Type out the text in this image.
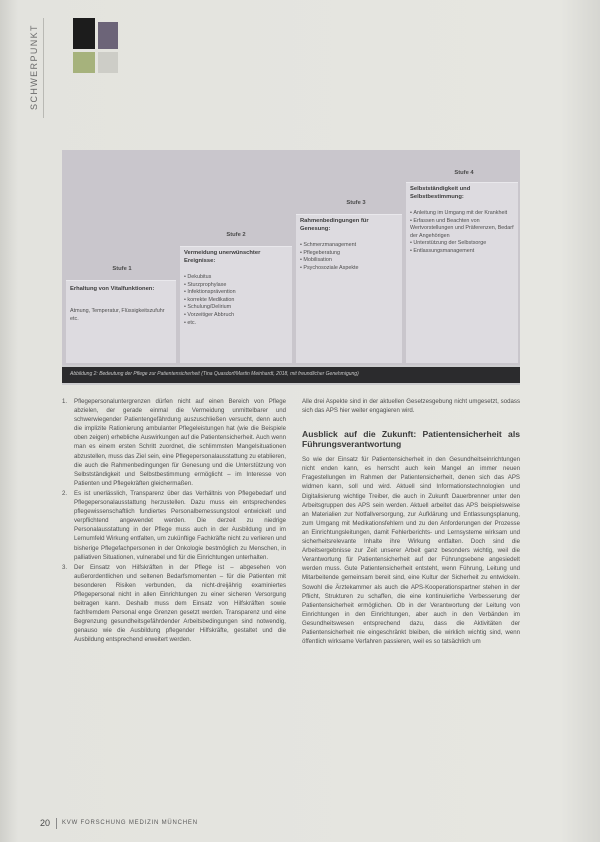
SCHWERPUNKT
Stufe 4
Selbstständigkeit und Selbstbestimmung:
• Anleitung im Umgang mit der Krankheit
• Erfassen und Beachten von Wertvorstellungen und Präferenzen, Bedarf der Angehörigen
• Unterstützung der Selbstsorge
• Entlassungsmanagement
Stufe 3
Rahmenbedingungen für Genesung:
• Schmerzmanagement
• Pflegeberatung
• Mobilisation
• Psychosoziale Aspekte
Stufe 2
Vermeidung unerwünschter Ereignisse:
• Dekubitus
• Sturzprophylaxe
• Infektionsprävention
• korrekte Medikation
• Schulung/Delirium
• Vorzeitiger Abbruch
• etc.
Stufe 1
Erhaltung von Vitalfunktionen:
Atmung, Temperatur, Flüssigkeitszufuhr etc.
Abbildung 2: Bedeutung der Pflege zur Patientensicherheit (Tina Quasdorf/Martin Meinhardt, 2018, mit freundlicher Genehmigung)
1. Pflegepersonaluntergrenzen dürfen nicht auf einen Bereich von Pflege abzielen, der gerade einmal die Vermeidung unmittelbarer und schwerwiegender Patientengefährdung auszuschließen versucht, denn auch die implizite Rationierung ambulanter Pflegeleistungen hat (wie die Beispiele oben zeigen) erhebliche Auswirkungen auf die Patientensicherheit. Auch wenn man es einem ersten Schritt zuordnet, die schlimmsten Mangelsituationen abzustellen, muss das Ziel sein, eine Pflegepersonalausstattung zu etablieren, die auch die Rahmenbedingungen für Genesung und die Unterstützung von Selbstständigkeit und Selbstbestimmung ermöglicht – im Interesse von Patienten und Pflegekräften gleichermaßen.

2. Es ist unerlässlich, Transparenz über das Verhältnis von Pflegebedarf und Pflegepersonalausstattung herzustellen. Dazu muss ein entsprechendes pflegewissenschaftlich fundiertes Personalbemessungstool entwickelt und verpflichtend angewendet werden. Die derzeit zu niedrige Personalausstattung in der Pflege muss auch in der Ausbildung und im Lernumfeld Wirkung entfalten, um zukünftige Fachkräfte nicht zu verlieren und bisherige Pflegefachpersonen in der Onkologie bestmöglich zu Menschen, in palliativen Situationen, vulnerabel und für die Einrichtungen unterhalten.

3. Der Einsatz von Hilfskräften in der Pflege ist – abgesehen von außerordentlichen und seltenen Bedarfsmomenten – für die Patienten mit besonderen Risiken verbunden, da nicht-dreijährig examiniertes Pflegepersonal nicht in allen Einrichtungen zu einer sicheren Versorgung beitragen kann. Deshalb muss dem Einsatz von Hilfskräften sowie fachfremdem Personal enge Grenzen gesetzt werden. Transparenz und eine Begrenzung gesundheitsgefährdender Arbeitsbedingungen sind notwendig, genauso wie die Ausbildung pflegender Hilfskräfte, gestaltet und die Ausbildung entsprechend erweitert werden.

Alle drei Aspekte sind in der aktuellen Gesetzesgebung nicht umgesetzt, sodass sich das APS hier weiter engagieren wird.

Ausblick auf die Zukunft: Patientensicherheit als Führungsverantwortung

So wie der Einsatz für Patientensicherheit in den Gesundheitseinrichtungen nicht enden kann, es herrscht auch kein Mangel an immer neuen Fragestellungen im Rahmen der Patientensicherheit, denen sich das APS widmen kann, soll und wird. Aktuell sind Informationstechnologien und Digitalisierung wichtige Treiber, die auch in Zukunft Dauerbrenner unter den Arbeitsgruppen des APS sein werden. Aktuell arbeitet das APS beispielsweise an Materialien zur Notfallversorgung, zur Aufklärung und Entlassungsplanung, zum Umgang mit Medikationsfehlern und zu den Anforderungen der Prozesse an Einrichtungsleitungen, damit Fehlerberichts- und Lernsysteme wirksam und sicherheitsrelevante Inhalte ihre Wirkung entfalten. Doch sind die Arbeitsergebnisse zur Zeit unserer Arbeit ganz besonders wichtig, weil die Verantwortung für Patientensicherheit auf der Führungsebene angesiedelt werden muss. Gute Patientensicherheit entsteht, wenn Führung, Leitung und Mitarbeitende gemeinsam bereit sind, eine Kultur der Sicherheit zu entwickeln. Sowohl die Ärztekammer als auch die APS-Kooperationspartner stehen in der Pflicht, Strukturen zu schaffen, die eine kontinuierliche Verbesserung der Patientensicherheit ermöglichen. Ob in der Verantwortung der Leitung von Einrichtungen in den Einrichtungen, aber auch in den Verbänden im Gesundheitswesen entsprechend dazu, dass die Aktivitäten der Patientensicherheit nie eingeschränkt bleiben, die wirklich wichtig sind, wenn öffentlich wirksame Verfahren passieren, weil es so tatsächlich um

20 KVW FORSCHUNG MEDIZIN MÜNCHEN
